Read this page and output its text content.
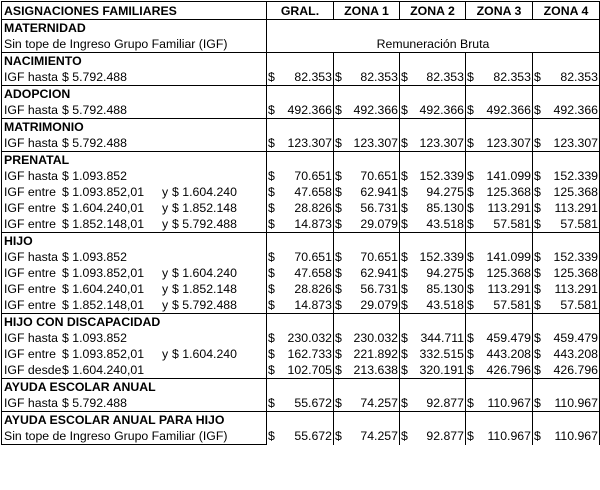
ASIGNACIONES FAMILIARES	GRAL.	ZONA 1	ZONA 2	ZONA 3	ZONA 4
MATERNIDAD					
Sin tope de Ingreso Grupo Familiar (IGF)	Remuneración Bruta				
NACIMIENTO					

IGF hasta $ 5.792.488	$ 82.353	$ 82.353	$ 82.353	$ 82.353	$ 82.353

ADOPCION					

IGF hasta $ 5.792.488	$ 492.366	$ 492.366	$ 492.366	$ 492.366	$ 492.366

MATRIMONIO					

IGF hasta $ 5.792.488	$ 123.307	$ 123.307	$ 123.307	$ 123.307	$ 123.307

PRENATAL					

IGF hasta $ 1.093.852	$ 70.651	$ 70.651	$ 152.339	$ 141.099	$ 152.339

IGF entre $ 1.093.852,01 y $ 1.604.240	$ 47.658	$ 62.941	$ 94.275	$ 125.368	$ 125.368

IGF entre $ 1.604.240,01 y $ 1.852.148	$ 28.826	$ 56.731	$ 85.130	$ 113.291	$ 113.291

IGF entre $ 1.852.148,01 y $ 5.792.488	$ 14.873	$ 29.079	$ 43.518	$ 57.581	$ 57.581

HIJO					

IGF hasta $ 1.093.852	$ 70.651	$ 70.651	$ 152.339	$ 141.099	$ 152.339

IGF entre $ 1.093.852,01 y $ 1.604.240	$ 47.658	$ 62.941	$ 94.275	$ 125.368	$ 125.368

IGF entre $ 1.604.240,01 y $ 1.852.148	$ 28.826	$ 56.731	$ 85.130	$ 113.291	$ 113.291

IGF entre $ 1.852.148,01 y $ 5.792.488	$ 14.873	$ 29.079	$ 43.518	$ 57.581	$ 57.581

HIJO CON DISCAPACIDAD					

IGF hasta $ 1.093.852	$ 230.032	$ 230.032	$ 344.711	$ 459.479	$ 459.479

IGF entre $ 1.093.852,01 y $ 1.604.240	$ 162.733	$ 221.892	$ 332.515	$ 443.208	$ 443.208

IGF desde $ 1.604.240,01	$ 102.705	$ 213.638	$ 320.191	$ 426.796	$ 426.796

AYUDA ESCOLAR ANUAL					

IGF hasta $ 5.792.488	$ 55.672	$ 74.257	$ 92.877	$ 110.967	$ 110.967

AYUDA ESCOLAR ANUAL PARA HIJO					
Sin tope de Ingreso Grupo Familiar (IGF)	$ 55.672	$ 74.257	$ 92.877	$ 110.967	$ 110.967
